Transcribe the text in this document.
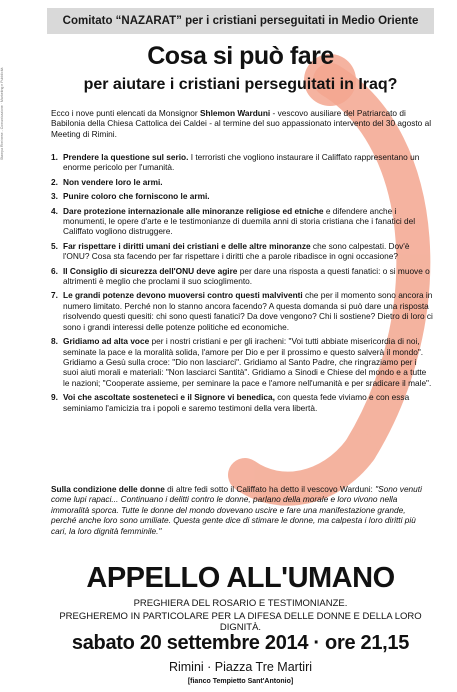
Stampa Riminese - Comunicazione · Marketing e Pubblicità
Comitato “NAZARAT” per i cristiani perseguitati in Medio Oriente
Cosa si può fare
per aiutare i cristiani perseguitati in Iraq?
Ecco i nove punti elencati da Monsignor Shlemon Warduni - vescovo ausiliare del Patriarcato di Babilonia della Chiesa Cattolica dei Caldei - al termine del suo appassionato intervento del 30 agosto al Meeting di Rimini.
1. Prendere la questione sul serio. I terroristi che vogliono instaurare il Califfato rappresentano un enorme pericolo per l'umanità.
2. Non vendere loro le armi.
3. Punire coloro che forniscono le armi.
4. Dare protezione internazionale alle minoranze religiose ed etniche e difendere anche i monumenti, le opere d'arte e le testimonianze di duemila anni di storia cristiana che i fanatici del Califfato vogliono distruggere.
5. Far rispettare i diritti umani dei cristiani e delle altre minoranze che sono calpestati. Dov'è l'ONU? Cosa sta facendo per far rispettare i diritti che a parole ribadisce in ogni occasione?
6. Il Consiglio di sicurezza dell'ONU deve agire per dare una risposta a questi fanatici: o si muove o altrimenti è meglio che proclami il suo scioglimento.
7. Le grandi potenze devono muoversi contro questi malviventi che per il momento sono ancora in numero limitato. Perché non lo stanno ancora facendo? A questa domanda si può dare una risposta risolvendo questi quesiti: chi sono questi fanatici? Da dove vengono? Chi li sostiene? Dietro di loro ci sono i grandi interessi delle potenze politiche ed economiche.
8. Gridiamo ad alta voce per i nostri cristiani e per gli iracheni: "Voi tutti abbiate misericordia di noi, seminate la pace e la moralità solida, l'amore per Dio e per il prossimo e questo salverà il mondo". Gridiamo a Gesù sulla croce: "Dio non lasciarci". Gridiamo al Santo Padre, che ringraziamo per i suoi aiuti morali e materiali: "Non lasciarci Santità". Gridiamo a Sinodi e Chiese del mondo e a tutte le nazioni; "Cooperate assieme, per seminare la pace e l'amore nell'umanità e per sradicare il male".
9. Voi che ascoltate sosteneteci e il Signore vi benedica, con questa fede viviamo e con essa seminiamo l'amicizia tra i popoli e saremo testimoni della vera libertà.
Sulla condizione delle donne di altre fedi sotto il Califfato ha detto il vescovo Warduni: "Sono venuti come lupi rapaci... Continuano i delitti contro le donne, parlano della morale e loro vivono nella immoralità sporca. Tutte le donne del mondo dovevano uscire e fare una manifestazione grande, perché anche loro sono umiliate. Questa gente dice di stimare le donne, ma calpesta i loro diritti più cari, la loro dignità femminile."
APPELLO ALL'UMANO
PREGHIERA DEL ROSARIO E TESTIMONIANZE.
PREGHEREMO IN PARTICOLARE PER LA DIFESA DELLE DONNE E DELLA LORO DIGNITÀ.
sabato 20 settembre 2014 · ore 21,15
Rimini · Piazza Tre Martiri
[fianco Tempietto Sant'Antonio]
